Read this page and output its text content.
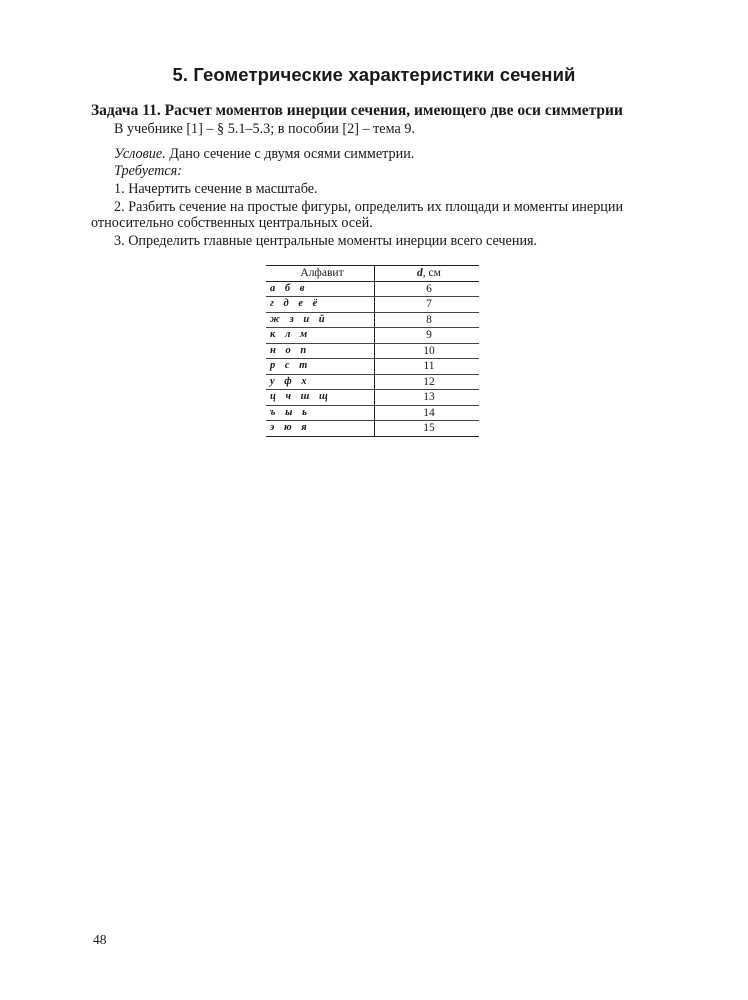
5. Геометрические характеристики сечений
Задача 11. Расчет моментов инерции сечения, имеющего две оси симметрии
В учебнике [1] – § 5.1–5.3; в пособии [2] – тема 9.
Условие. Дано сечение с двумя осями симметрии.
Требуется:
1. Начертить сечение в масштабе.
2. Разбить сечение на простые фигуры, определить их площади и моменты инерции
относительно собственных центральных осей.
3. Определить главные центральные моменты инерции всего сечения.
Алфавит	d, см
а б в	6
г д е ё	7
ж з и й	8
к л м	9
н о п	10
р с т	11
у ф х	12
ц ч ш щ	13
ъ ы ь	14
э ю я	15
48
